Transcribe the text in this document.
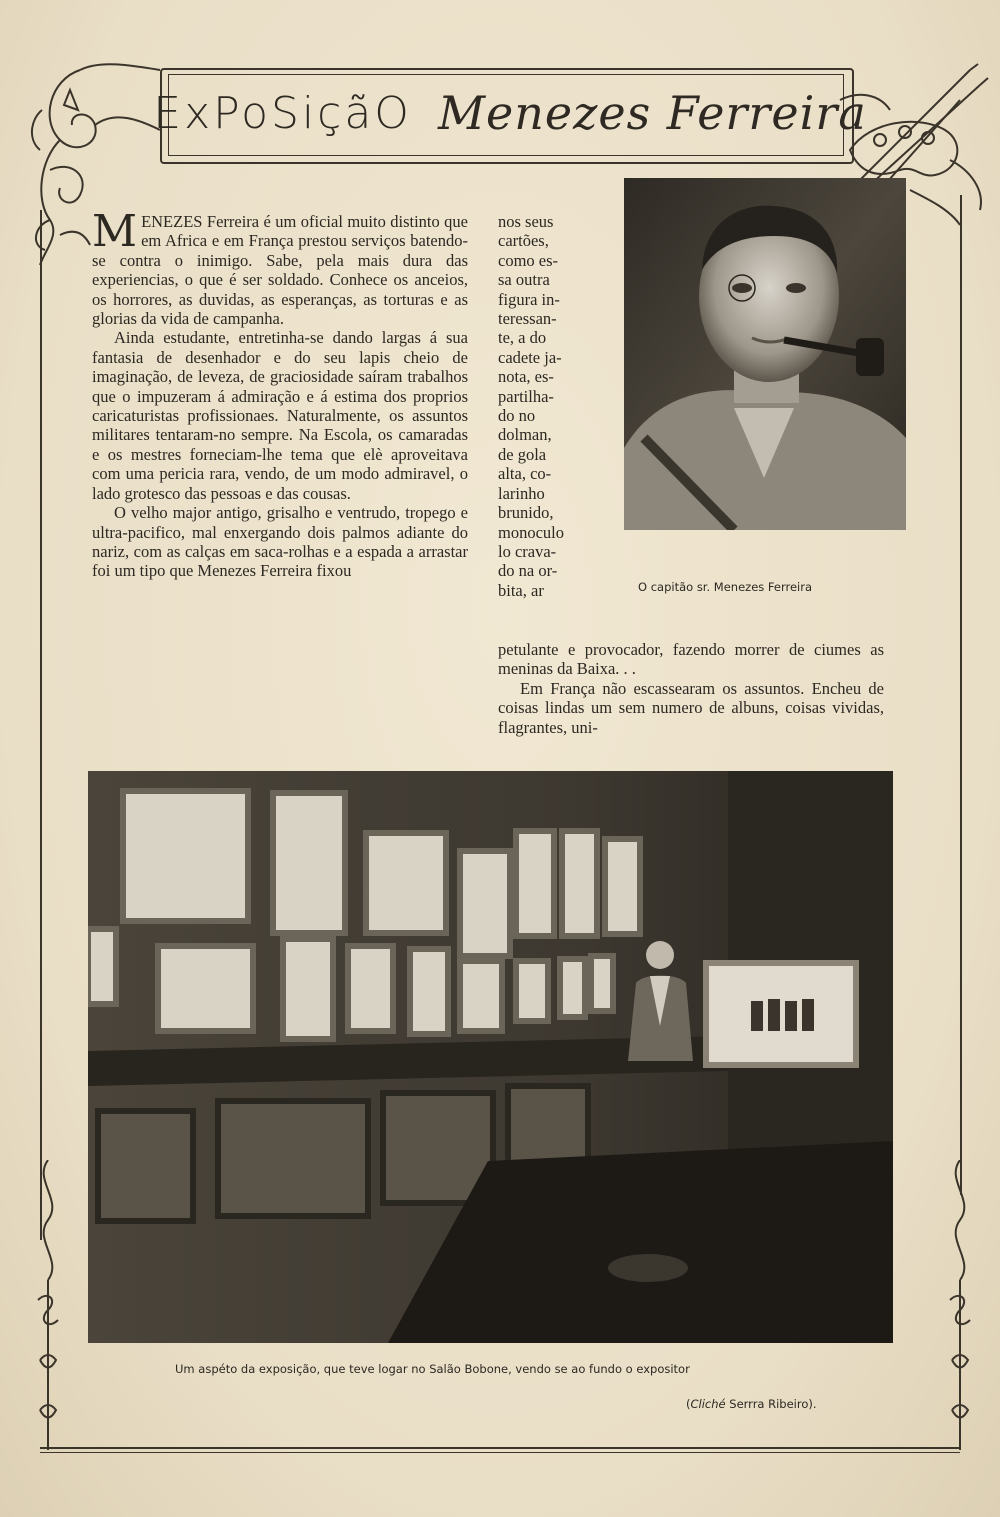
ExPoSiçãO Menezes Ferreira

MENEZES Ferreira é um oficial muito distinto que em Africa e em França prestou serviços batendo-se contra o inimigo. Sabe, pela mais dura das experiencias, o que é ser soldado. Conhece os anceios, os horrores, as duvidas, as esperanças, as torturas e as glorias da vida de campanha.

Ainda estudante, entretinha-se dando largas á sua fantasia de desenhador e do seu lapis cheio de imaginação, de leveza, de graciosidade saíram trabalhos que o impuzeram á admiração e á estima dos proprios caricaturistas profissionaes. Naturalmente, os assuntos militares tentaram-no sempre. Na Escola, os camaradas e os mestres forneciam-lhe tema que elè aproveitava com uma pericia rara, vendo, de um modo admiravel, o lado grotesco das pessoas e das cousas.

O velho major antigo, grisalho e ventrudo, tropego e ultra-pacifico, mal enxergando dois palmos adiante do nariz, com as calças em saca-rolhas e a espada a arrastar foi um tipo que Menezes Ferreira fixou

nos seus

cartões,

como es-

sa outra

figura in-

teressan-

te, a do

cadete ja-

nota, es-

partilha-

do no

dolman,

de gola

alta, co-

larinho

brunido,

monoculo

lo crava-

do na or-

bita, ar

petulante e provocador, fazendo morrer de ciumes as meninas da Baixa. . .

Em França não escassearam os assuntos. Encheu de coisas lindas um sem numero de albuns, coisas vividas, flagrantes, uni-

O capitão sr. Menezes Ferreira
Um aspéto da exposição, que teve logar no Salão Bobone, vendo se ao fundo o expositor
(Cliché Serrra Ribeiro).
